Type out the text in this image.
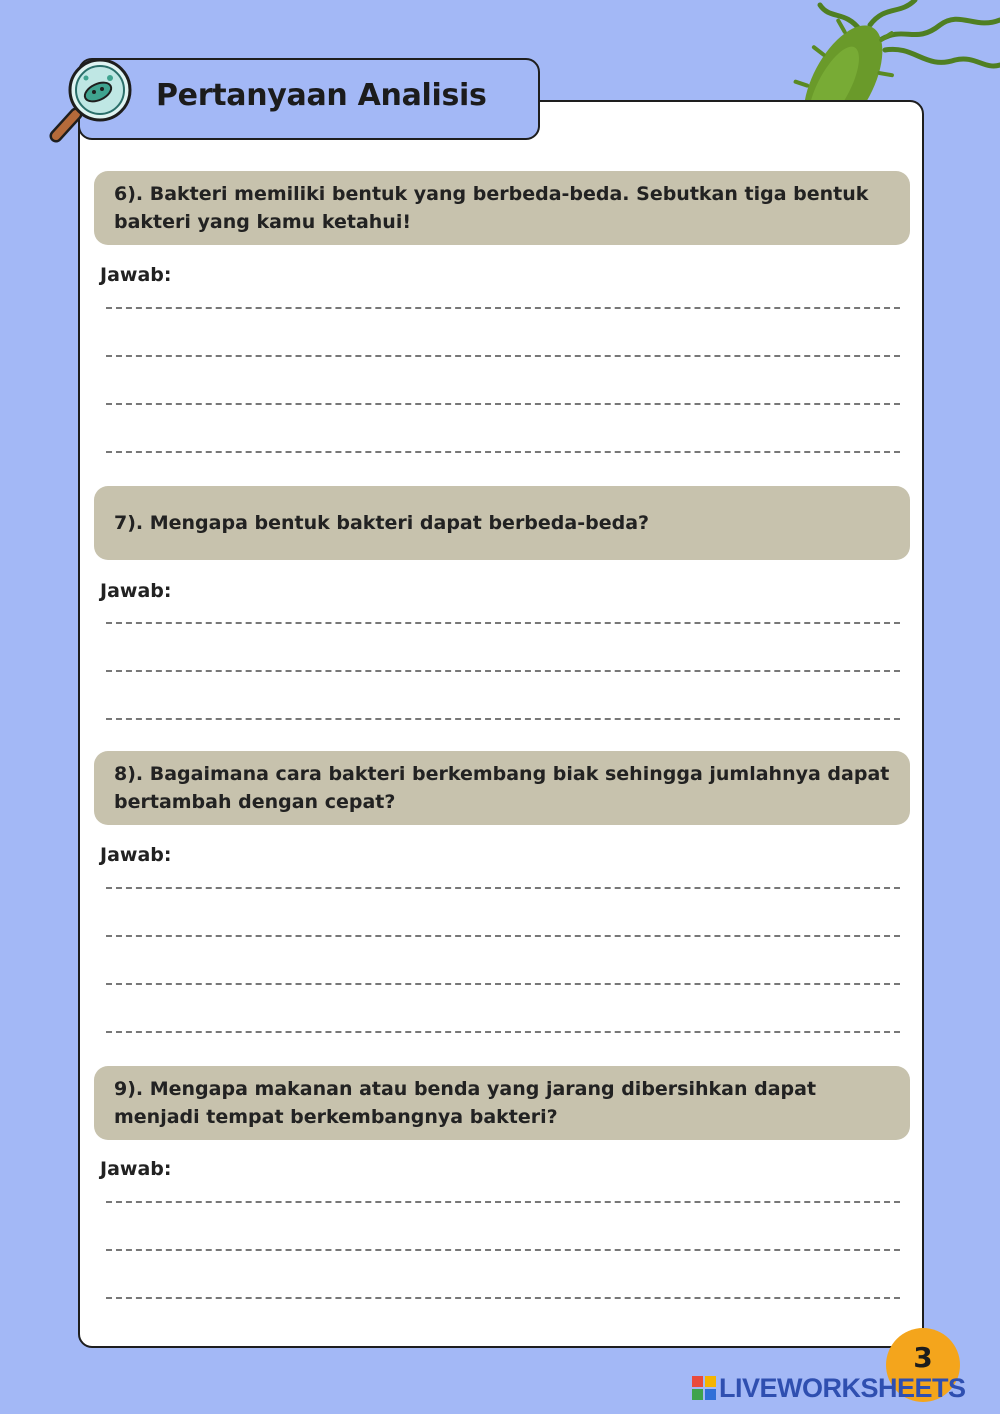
Pertanyaan Analisis
6). Bakteri memiliki bentuk yang berbeda-beda. Sebutkan tiga bentuk bakteri yang kamu ketahui!
Jawab:
7). Mengapa bentuk bakteri dapat berbeda-beda?
Jawab:
8). Bagaimana cara bakteri berkembang biak sehingga jumlahnya dapat bertambah dengan cepat?
Jawab:
9). Mengapa makanan atau benda yang jarang dibersihkan dapat menjadi tempat berkembangnya bakteri?
Jawab:
3
LIVEWORKSHEETS
